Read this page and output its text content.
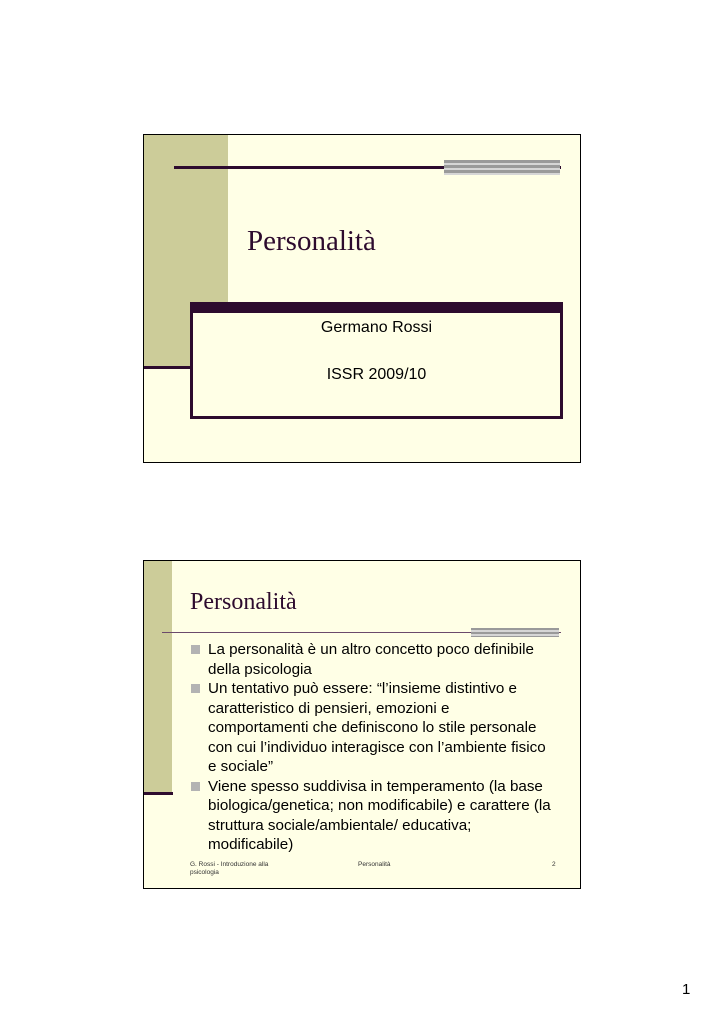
Personalità
Germano Rossi
ISSR 2009/10
Personalità
La personalità è un altro concetto poco definibile della psicologia
Un tentativo può essere: “l’insieme distintivo e caratteristico di pensieri, emozioni e comportamenti che definiscono lo stile personale con cui l’individuo interagisce con l’ambiente fisico e sociale”
Viene spesso suddivisa in temperamento (la base biologica/genetica; non modificabile) e carattere (la struttura sociale/ambientale/ educativa; modificabile)
G. Rossi - Introduzione alla psicologia
Personalità	2
1
